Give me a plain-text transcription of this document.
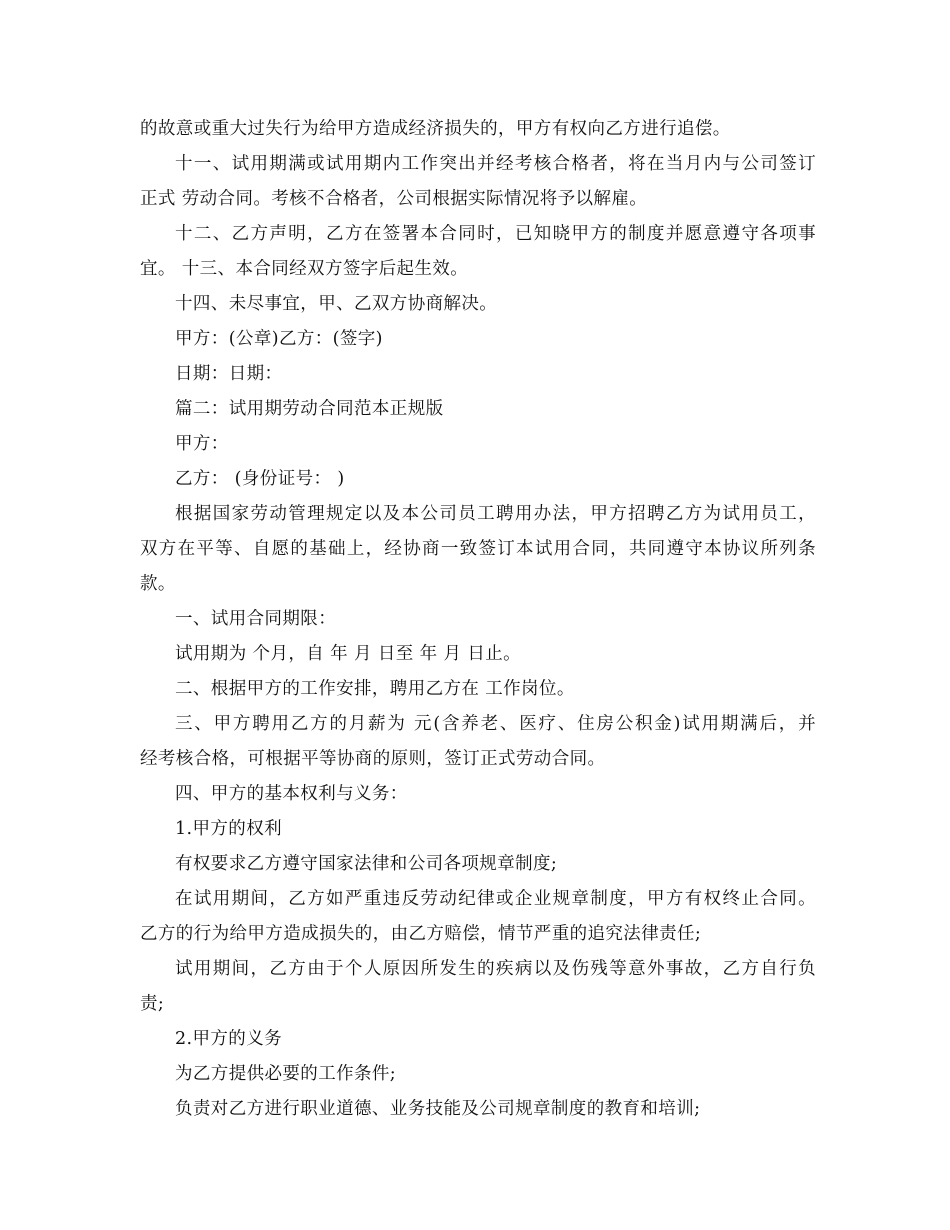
的故意或重大过失行为给甲方造成经济损失的，甲方有权向乙方进行追偿。
十一、试用期满或试用期内工作突出并经考核合格者，将在当月内与公司签订
正式 劳动合同。考核不合格者，公司根据实际情况将予以解雇。
十二、乙方声明，乙方在签署本合同时，已知晓甲方的制度并愿意遵守各项事
宜。 十三、本合同经双方签字后起生效。
十四、未尽事宜，甲、乙双方协商解决。
甲方：(公章)乙方：(签字)
日期：日期：
篇二：试用期劳动合同范本正规版
甲方：
乙方： (身份证号： )
根据国家劳动管理规定以及本公司员工聘用办法，甲方招聘乙方为试用员工，
双方在平等、自愿的基础上，经协商一致签订本试用合同，共同遵守本协议所列条
款。
一、试用合同期限：
试用期为 个月，自 年 月 日至 年 月 日止。
二、根据甲方的工作安排，聘用乙方在 工作岗位。
三、甲方聘用乙方的月薪为 元(含养老、医疗、住房公积金)试用期满后，并
经考核合格，可根据平等协商的原则，签订正式劳动合同。
四、甲方的基本权利与义务：
1.甲方的权利
有权要求乙方遵守国家法律和公司各项规章制度;
在试用期间，乙方如严重违反劳动纪律或企业规章制度，甲方有权终止合同。
乙方的行为给甲方造成损失的，由乙方赔偿，情节严重的追究法律责任;
试用期间，乙方由于个人原因所发生的疾病以及伤残等意外事故，乙方自行负
责;
2.甲方的义务
为乙方提供必要的工作条件;
负责对乙方进行职业道德、业务技能及公司规章制度的教育和培训;
